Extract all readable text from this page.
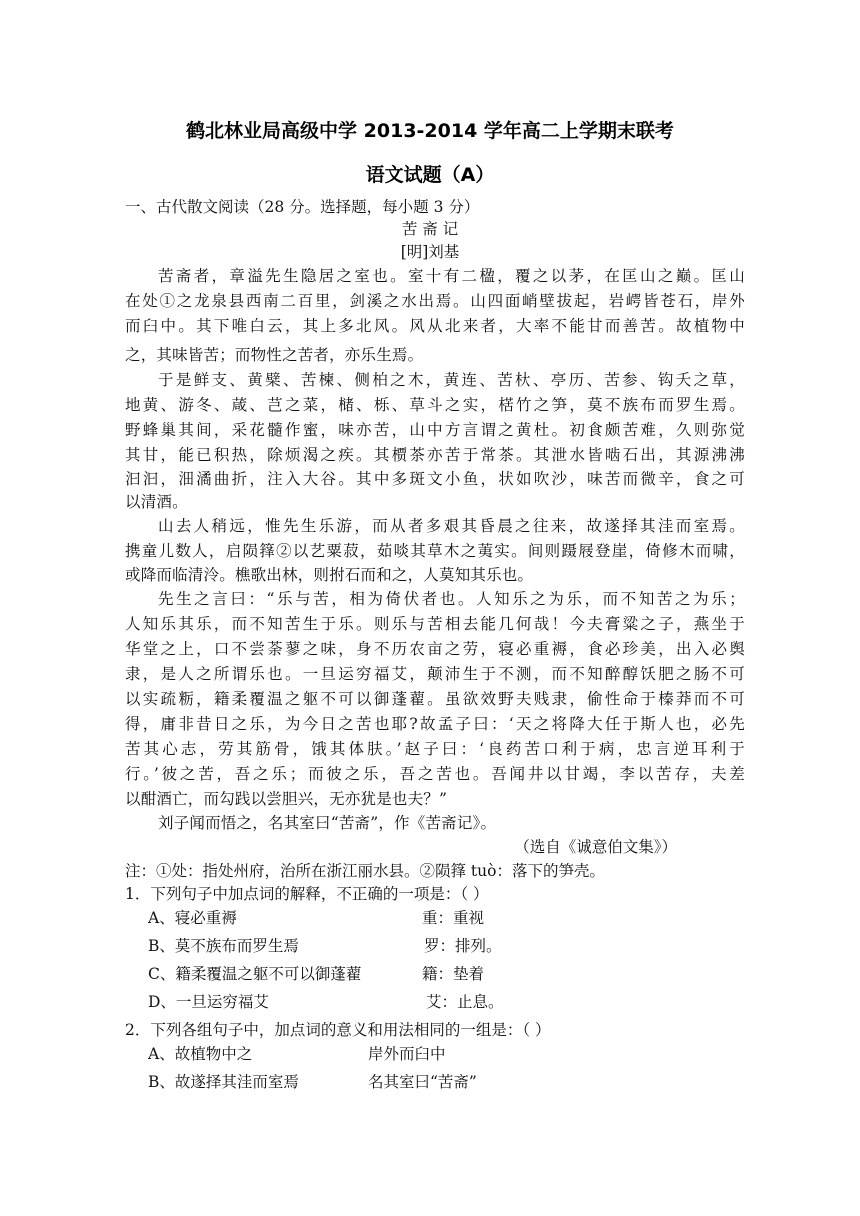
鹤北林业局高级中学 2013-2014 学年高二上学期末联考
语文试题（A）
一、古代散文阅读（28 分。选择题，每小题 3 分）
苦 斋 记
[明]刘基
苦斋者，章溢先生隐居之室也。室十有二楹，覆之以茅，在匡山之巅。匡山
在处①之龙泉县西南二百里，剑溪之水出焉。山四面峭壁拔起，岩崿皆苍石，岸外
而臼中。其下唯白云，其上多北风。风从北来者，大率不能甘而善苦。故植物中
之，其味皆苦；而物性之苦者，亦乐生焉。
于是鲜支、黄檗、苦楝、侧柏之木，黄连、苦杕、亭历、苦参、钩夭之草，
地黄、游冬、葴、芑之菜，槠、栎、草斗之实，楛竹之笋，莫不族布而罗生焉。
野蜂巢其间，采花髓作蜜，味亦苦，山中方言谓之黄杜。初食颇苦难，久则弥觉
其甘，能已积热，除烦渴之疾。其槚茶亦苦于常茶。其泄水皆啮石出，其源沸沸
汩汩，沺潏曲折，注入大谷。其中多斑文小鱼，状如吹沙，味苦而微辛，食之可
以清酒。
山去人稍远，惟先生乐游，而从者多艰其昏晨之往来，故遂择其洼而室焉。
携童儿数人，启陨箨②以艺粟菽，茹啖其草木之荑实。间则蹑屐登崖，倚修木而啸，
或降而临清泠。樵歌出林，则拊石而和之，人莫知其乐也。
先生之言曰：“乐与苦，相为倚伏者也。人知乐之为乐，而不知苦之为乐；
人知乐其乐，而不知苦生于乐。则乐与苦相去能几何哉！今夫膏粱之子，燕坐于
华堂之上，口不尝荼蓼之味，身不历农亩之劳，寝必重褥，食必珍美，出入必舆
隶，是人之所谓乐也。一旦运穷福艾，颠沛生于不测，而不知醉醇饫肥之肠不可
以实疏粝，籍柔覆温之躯不可以御蓬藋。虽欲效野夫贱隶，偷性命于榛莽而不可
得，庸非昔日之乐，为今日之苦也耶?故孟子曰：‘天之将降大任于斯人也，必先
苦其心志，劳其筋骨，饿其体肤。’赵子曰：‘良药苦口利于病，忠言逆耳利于
行。’彼之苦，吾之乐；而彼之乐，吾之苦也。吾闻井以甘竭，李以苦存，夫差
以酣酒亡，而勾践以尝胆兴，无亦犹是也夫？”
刘子闻而悟之，名其室曰“苦斋”，作《苦斋记》。
（选自《诚意伯文集》）
注：①处：指处州府，治所在浙江丽水县。②陨箨 tuò：落下的笋壳。
1．下列句子中加点词的解释，不正确的一项是：（ ）
A、寝必重褥	重：重视
B、莫不族布而罗生焉	罗：排列。
C、籍柔覆温之躯不可以御蓬藋	籍：垫着
D、一旦运穷福艾	艾：止息。
2．下列各组句子中，加点词的意义和用法相同的一组是：（ ）
A、故植物中之	岸外而臼中
B、故遂择其洼而室焉	名其室曰“苦斋”
